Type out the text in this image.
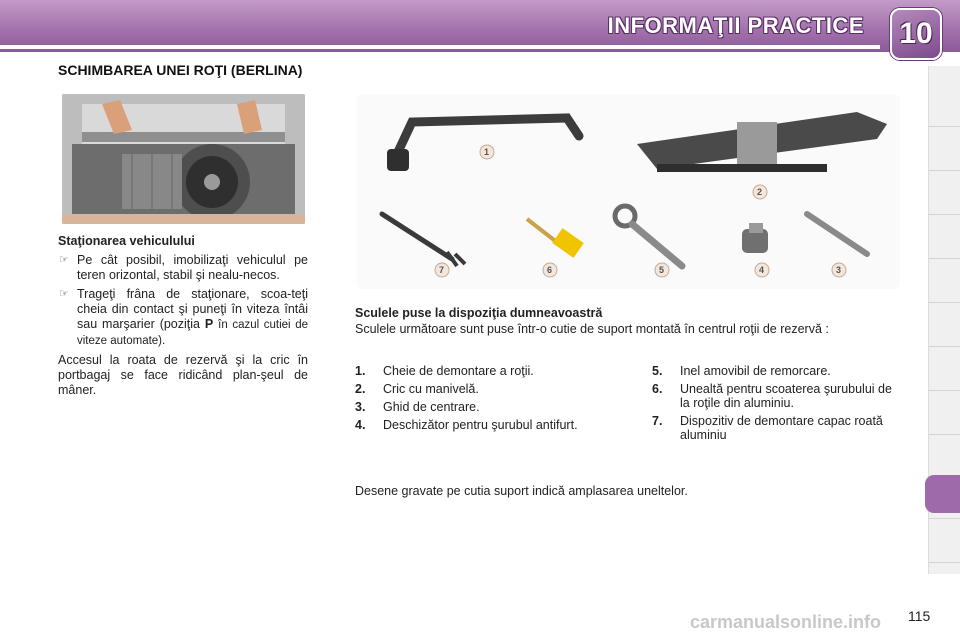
INFORMAŢII PRACTICE	10
SCHIMBAREA UNEI ROŢI (BERLINA)
Staţionarea vehiculului
☞ Pe cât posibil, imobilizaţi vehiculul pe teren orizontal, stabil şi nealu-necos.
☞ Trageţi frâna de staţionare, scoa-teţi cheia din contact şi puneţi în viteza întâi sau marşarier (poziţia P în cazul cutiei de viteze automate).
Accesul la roata de rezervă şi la cric în portbagaj se face ridicând plan-şeul de mâner.
1
2
7	6	5	4	3
Sculele puse la dispoziţia dumneavoastră
Sculele următoare sunt puse într-o cutie de suport montată în centrul roţii de rezervă :
1. Cheie de demontare a roţii.
2. Cric cu manivelă.
3. Ghid de centrare.
4. Deschizător pentru şurubul antifurt.
5. Inel amovibil de remorcare.
6. Unealtă pentru scoaterea şurubului de la roţile din aluminiu.
7. Dispozitiv de demontare capac roată aluminiu
Desene gravate pe cutia suport indică amplasarea uneltelor.
carmanualsonline.info 115
